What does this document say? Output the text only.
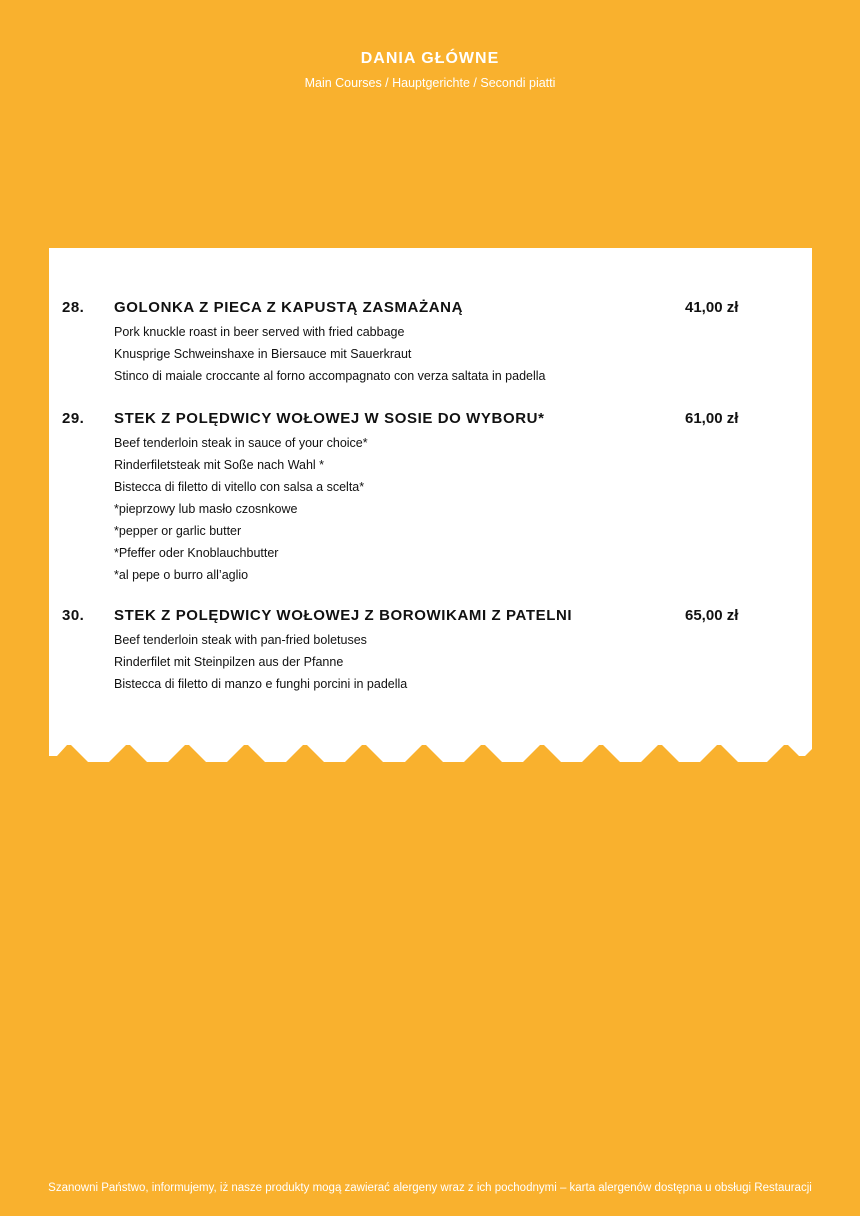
DANIA GŁÓWNE
Main Courses / Hauptgerichte / Secondi piatti
28. GOLONKA Z PIECA Z KAPUSTĄ ZASMAŻANĄ	41,00 zł
Pork knuckle roast in beer served with fried cabbage
Knusprige Schweinshaxe in Biersauce mit Sauerkraut
Stinco di maiale croccante al forno accompagnato con verza saltata in padella
29. STEK Z POLĘDWICY WOŁOWEJ W SOSIE DO WYBORU*	61,00 zł
Beef tenderloin steak in sauce of your choice*
Rinderfiletsteak mit Soße nach Wahl *
Bistecca di filetto di vitello con salsa a scelta*
*pieprzowy lub masło czosnkowe
*pepper or garlic butter
*Pfeffer oder Knoblauchbutter
*al pepe o burro all’aglio
30. STEK Z POLĘDWICY WOŁOWEJ Z BOROWIKAMI Z PATELNI	65,00 zł
Beef tenderloin steak with pan-fried boletuses
Rinderfilet mit Steinpilzen aus der Pfanne
Bistecca di filetto di manzo e funghi porcini in padella
Szanowni Państwo, informujemy, iż nasze produkty mogą zawierać alergeny wraz z ich pochodnymi – karta alergenów dostępna u obsługi Restauracji
